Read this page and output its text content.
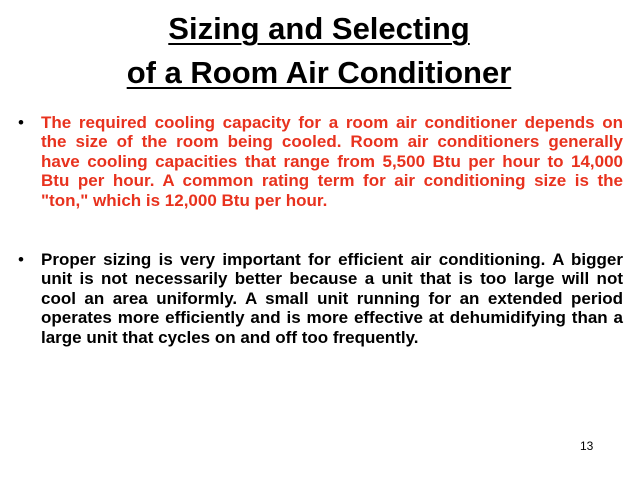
Sizing and Selecting
of a Room Air Conditioner
• The required cooling capacity for a room air conditioner depends on the size of the room being cooled. Room air conditioners generally have cooling capacities that range from 5,500 Btu per hour to 14,000 Btu per hour. A common rating term for air conditioning size is the "ton," which is 12,000 Btu per hour.
• Proper sizing is very important for efficient air conditioning. A bigger unit is not necessarily better because a unit that is too large will not cool an area uniformly. A small unit running for an extended period operates more efficiently and is more effective at dehumidifying than a large unit that cycles on and off too frequently.
13
